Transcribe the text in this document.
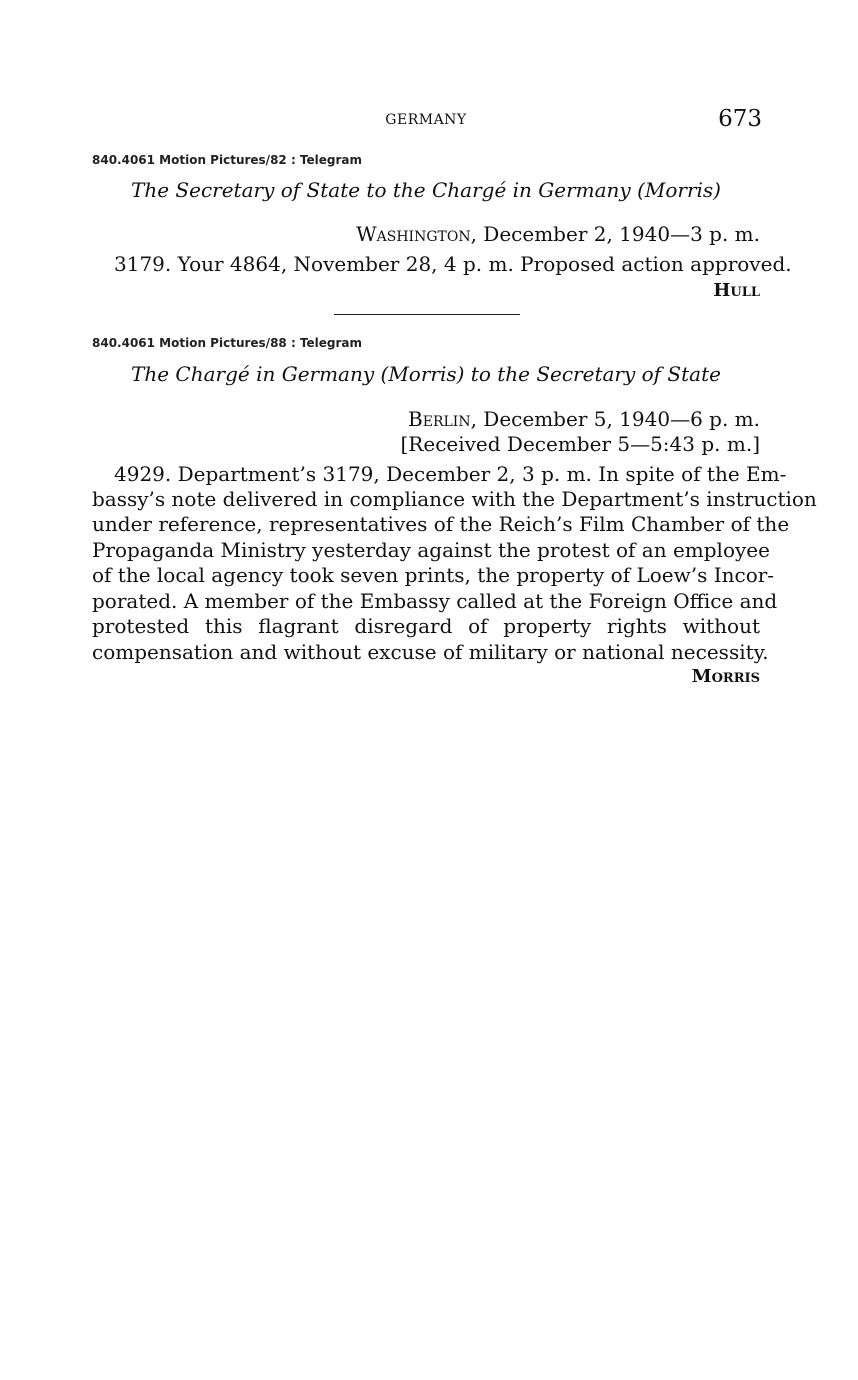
GERMANY	673
840.4061 Motion Pictures/82 : Telegram
The Secretary of State to the Chargé in Germany (Morris)
Washington, December 2, 1940—3 p. m.
3179. Your 4864, November 28, 4 p. m. Proposed action approved.
Hull
840.4061 Motion Pictures/88 : Telegram
The Chargé in Germany (Morris) to the Secretary of State
Berlin, December 5, 1940—6 p. m.
[Received December 5—5:43 p. m.]
4929. Department’s 3179, December 2, 3 p. m. In spite of the Em-
bassy’s note delivered in compliance with the Department’s instruction
under reference, representatives of the Reich’s Film Chamber of the
Propaganda Ministry yesterday against the protest of an employee
of the local agency took seven prints, the property of Loew’s Incor-
porated. A member of the Embassy called at the Foreign Office and
protested this flagrant disregard of property rights without
compensation and without excuse of military or national necessity.
Morris
